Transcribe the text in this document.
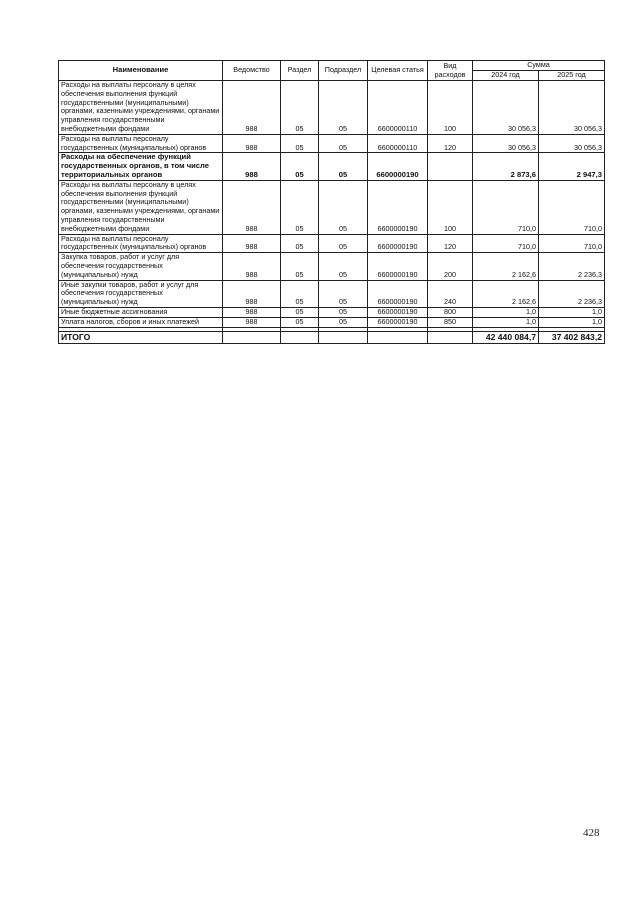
Наименование	Ведомство	Раздел	Подраздел	Целевая статья	Вид расходов	Сумма	
						2024 год	2025 год
Расходы на выплаты персоналу в целях обеспечения выполнения функций государственными (муниципальными) органами, казенными учреждениями, органами управления государственными внебюджетными фондами	988	05	05	6600000110	100	30 056,3	30 056,3
Расходы на выплаты персоналу государственных (муниципальных) органов	988	05	05	6600000110	120	30 056,3	30 056,3
Расходы на обеспечение функций государственных органов, в том числе территориальных органов	988	05	05	6600000190		2 873,6	2 947,3
Расходы на выплаты персоналу в целях обеспечения выполнения функций государственными (муниципальными) органами, казенными учреждениями, органами управления государственными внебюджетными фондами	988	05	05	6600000190	100	710,0	710,0
Расходы на выплаты персоналу государственных (муниципальных) органов	988	05	05	6600000190	120	710,0	710,0
Закупка товаров, работ и услуг для обеспечения государственных (муниципальных) нужд	988	05	05	6600000190	200	2 162,6	2 236,3
Иные закупки товаров, работ и услуг для обеспечения государственных (муниципальных) нужд	988	05	05	6600000190	240	2 162,6	2 236,3
Иные бюджетные ассигнования	988	05	05	6600000190	800	1,0	1,0
Уплата налогов, сборов и иных платежей	988	05	05	6600000190	850	1,0	1,0

ИТОГО						42 440 084,7	37 402 843,2
428
